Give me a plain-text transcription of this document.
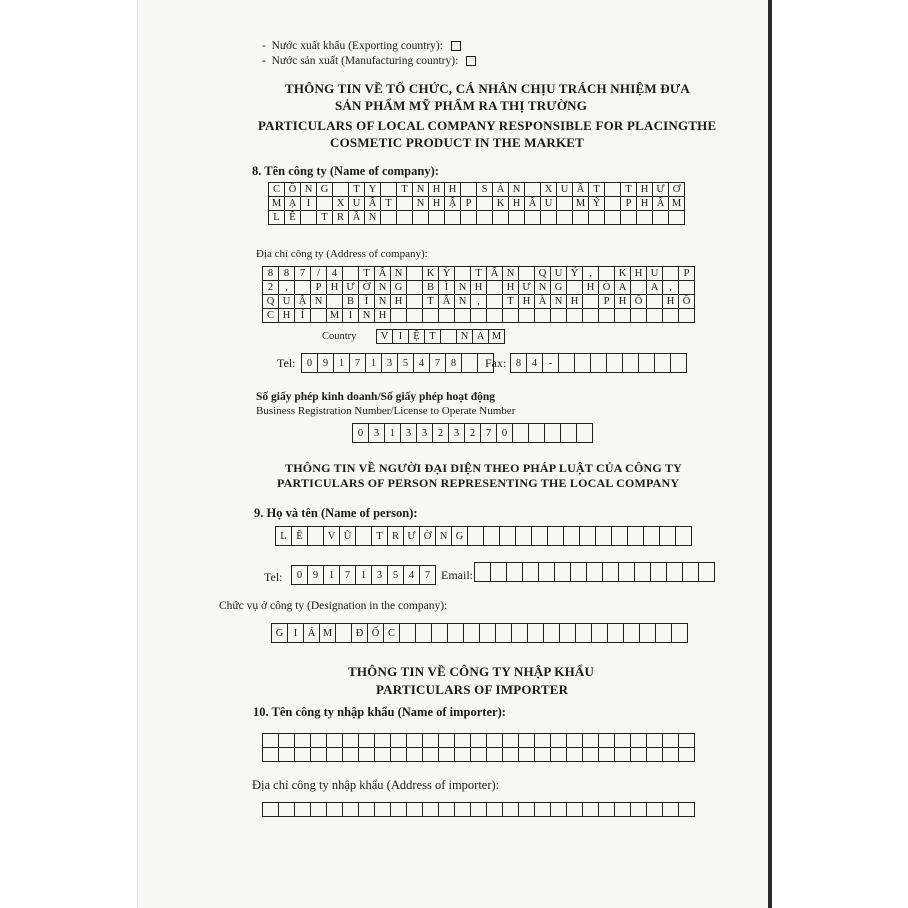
-  Nước xuất khẩu (Exporting country):
-  Nước sản xuất (Manufacturing country):
THÔNG TIN VỀ TỔ CHỨC, CÁ NHÂN CHỊU TRÁCH NHIỆM ĐƯA
SẢN PHẨM MỸ PHẨM RA THỊ TRƯỜNG
PARTICULARS OF LOCAL COMPANY RESPONSIBLE FOR PLACINGTHE
COSMETIC PRODUCT IN THE MARKET
8. Tên công ty (Name of company):
C Ô N G	T Y	T N H H	S Ả N	X U Ấ T	T H Ư Ơ
M Ạ I	X U Ấ T	N H Ậ P	K H Ẩ U	M Ỹ	P H Ẩ M
L Ê	T R Ầ N
Địa chỉ công ty (Address of company):
8	8	7	/	4	T Â N	K Ỳ	T Â N	Q U Ý	,	K H U	P
2	,	P H Ư Ờ N G	B	Ì N H	H Ư N G	H Ò A	A	,
Q U Ậ N	B	Ì N H	T Â N	,	T H À N H	P H Ố	H Ồ
C H Í	M I N H
Country	V I	Ệ T	N A M
Tel:	0	9	1	7	1	3	5	4	7	8	Fax: 8	4	-
Số giấy phép kinh doanh/Số giấy phép hoạt động
Business Registration Number/License to Operate Number
0	3	1	3	3	2	3	2	7	0
THÔNG TIN VỀ NGƯỜI ĐẠI DIỆN THEO PHÁP LUẬT CỦA CÔNG TY
PARTICULARS OF PERSON REPRESENTING THE LOCAL COMPANY
9. Họ và tên (Name of person):
L Ê	V Ũ	T R Ư Ờ N G
Tel:	0	9	1	7	1	3	5	4	7 Email:
Chức vụ ở công ty (Designation in the company):
G I Á M	Đ Ố C
THÔNG TIN VỀ CÔNG TY NHẬP KHẨU
PARTICULARS OF IMPORTER
10. Tên công ty nhập khẩu (Name of importer):
Địa chỉ công ty nhập khẩu (Address of importer):
